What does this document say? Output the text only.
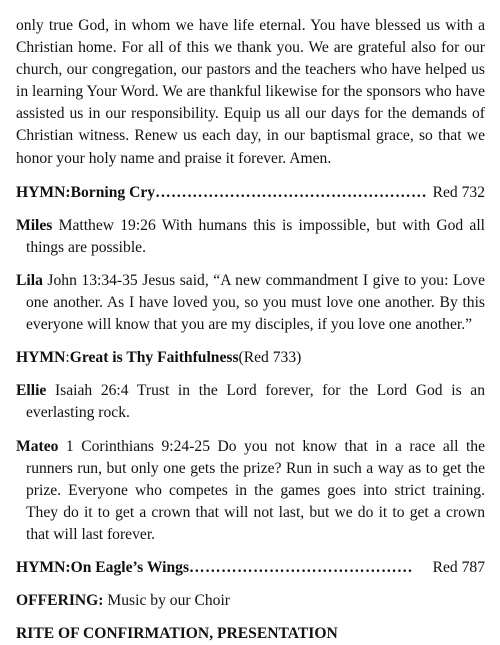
only true God, in whom we have life eternal. You have blessed us with a Christian home. For all of this we thank you. We are grateful also for our church, our congregation, our pastors and the teachers who have helped us in learning Your Word. We are thankful likewise for the sponsors who have assisted us in our responsibility. Equip us all our days for the demands of Christian witness. Renew us each day, in our baptismal grace, so that we honor your holy name and praise it forever. Amen.

HYMN: Borning Cry …………………………………………… Red 732

Miles Matthew 19:26 With humans this is impossible, but with God all things are possible.

Lila John 13:34-35 Jesus said, “A new commandment I give to you: Love one another. As I have loved you, so you must love one another. By this everyone will know that you are my disciples, if you love one another.”

HYMN : Great is Thy Faithfulness (Red 733)

Ellie Isaiah 26:4 Trust in the Lord forever, for the Lord God is an everlasting rock.

Mateo 1 Corinthians 9:24-25 Do you not know that in a race all the runners run, but only one gets the prize? Run in such a way as to get the prize. Everyone who competes in the games goes into strict training. They do it to get a crown that will not last, but we do it to get a crown that will last forever.

HYMN: On Eagle’s Wings ……………………………………	Red 787

OFFERING: Music by our Choir

RITE OF CONFIRMATION, PRESENTATION
